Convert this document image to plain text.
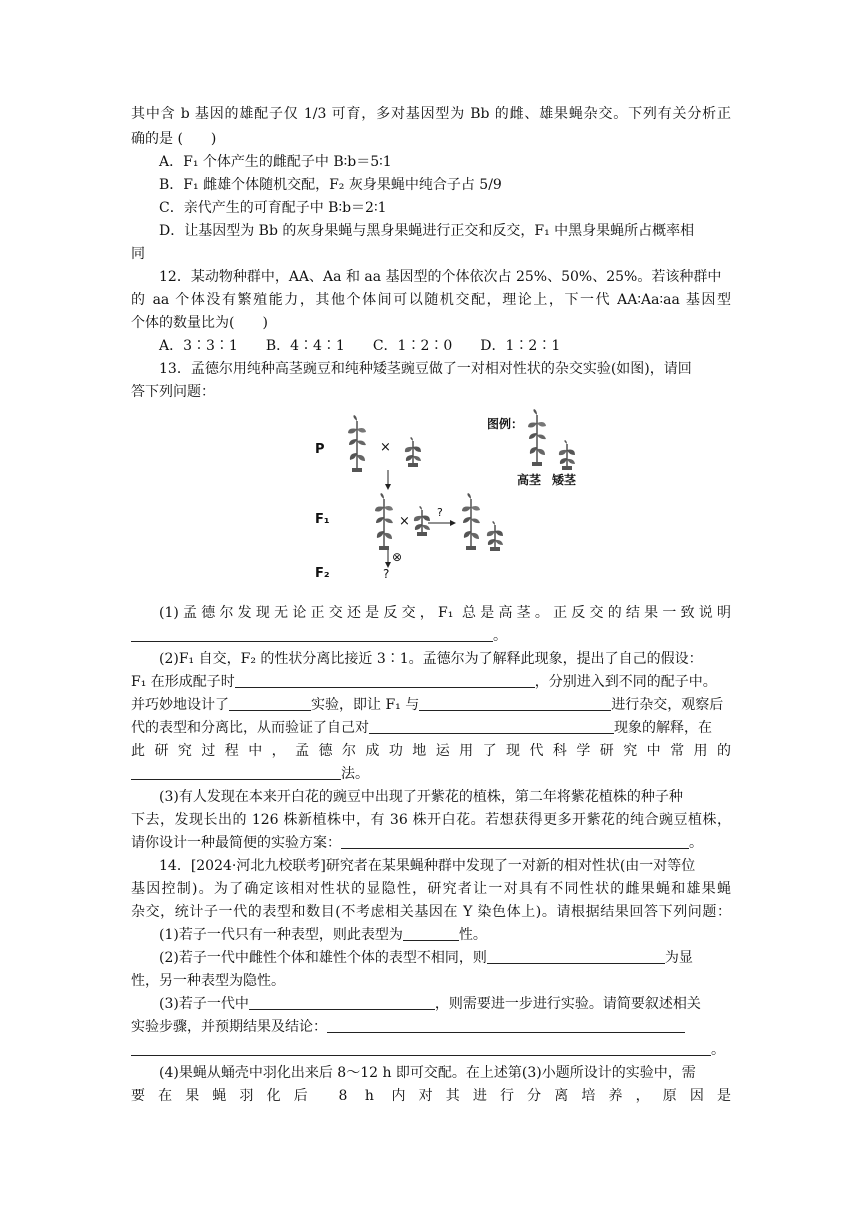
其中含 b 基因的雄配子仅 1/3 可育，多对基因型为 Bb 的雌、雄果蝇杂交。下列有关分析正
确的是 (　　)
A．F₁ 个体产生的雌配子中 B∶b＝5∶1
B．F₁ 雌雄个体随机交配，F₂ 灰身果蝇中纯合子占 5/9
C．亲代产生的可育配子中 B∶b＝2∶1
D．让基因型为 Bb 的灰身果蝇与黑身果蝇进行正交和反交，F₁ 中黑身果蝇所占概率相
同
12．某动物种群中，AA、Aa 和 aa 基因型的个体依次占 25%、50%、25%。若该种群中
的 aa 个体没有繁殖能力，其他个体间可以随机交配，理论上，下一代 AA∶Aa∶aa 基因型
个体的数量比为(　　)
A．3∶3∶1　　B．4∶4∶1　　C．1∶2∶0　　D．1∶2∶1
13．孟德尔用纯种高茎豌豆和纯种矮茎豌豆做了一对相对性状的杂交实验(如图)，请回
答下列问题：
P
F₁
F₂
×
×
?
⊗
?
图例：
高茎 矮茎
(1)孟德尔发现无论正交还是反交，F₁ 总是高茎。正反交的结果一致说明
。
(2)F₁ 自交，F₂ 的性状分离比接近 3∶1。孟德尔为了解释此现象，提出了自己的假设：
F₁ 在形成配子时	，分别进入到不同的配子中。
并巧妙地设计了	实验，即让 F₁ 与	进行杂交，观察后
代的表型和分离比，从而验证了自己对	现象的解释，在
此研究过程中，孟德尔成功地运用了现代科学研究中常用的
法。
(3)有人发现在本来开白花的豌豆中出现了开紫花的植株，第二年将紫花植株的种子种
下去，发现长出的 126 株新植株中，有 36 株开白花。若想获得更多开紫花的纯合豌豆植株，
请你设计一种最简便的实验方案：	。
14．[2024·河北九校联考]研究者在某果蝇种群中发现了一对新的相对性状(由一对等位
基因控制)。为了确定该相对性状的显隐性，研究者让一对具有不同性状的雌果蝇和雄果蝇
杂交，统计子一代的表型和数目(不考虑相关基因在 Y 染色体上)。请根据结果回答下列问题：
(1)若子一代只有一种表型，则此表型为	性。
(2)若子一代中雌性个体和雄性个体的表型不相同，则	为显
性，另一种表型为隐性。
(3)若子一代中	，则需要进一步进行实验。请简要叙述相关
实验步骤，并预期结果及结论：
。
(4)果蝇从蛹壳中羽化出来后 8～12 h 即可交配。在上述第(3)小题所设计的实验中，需
要在果蝇羽化后 8 h 内对其进行分离培养，原因是
